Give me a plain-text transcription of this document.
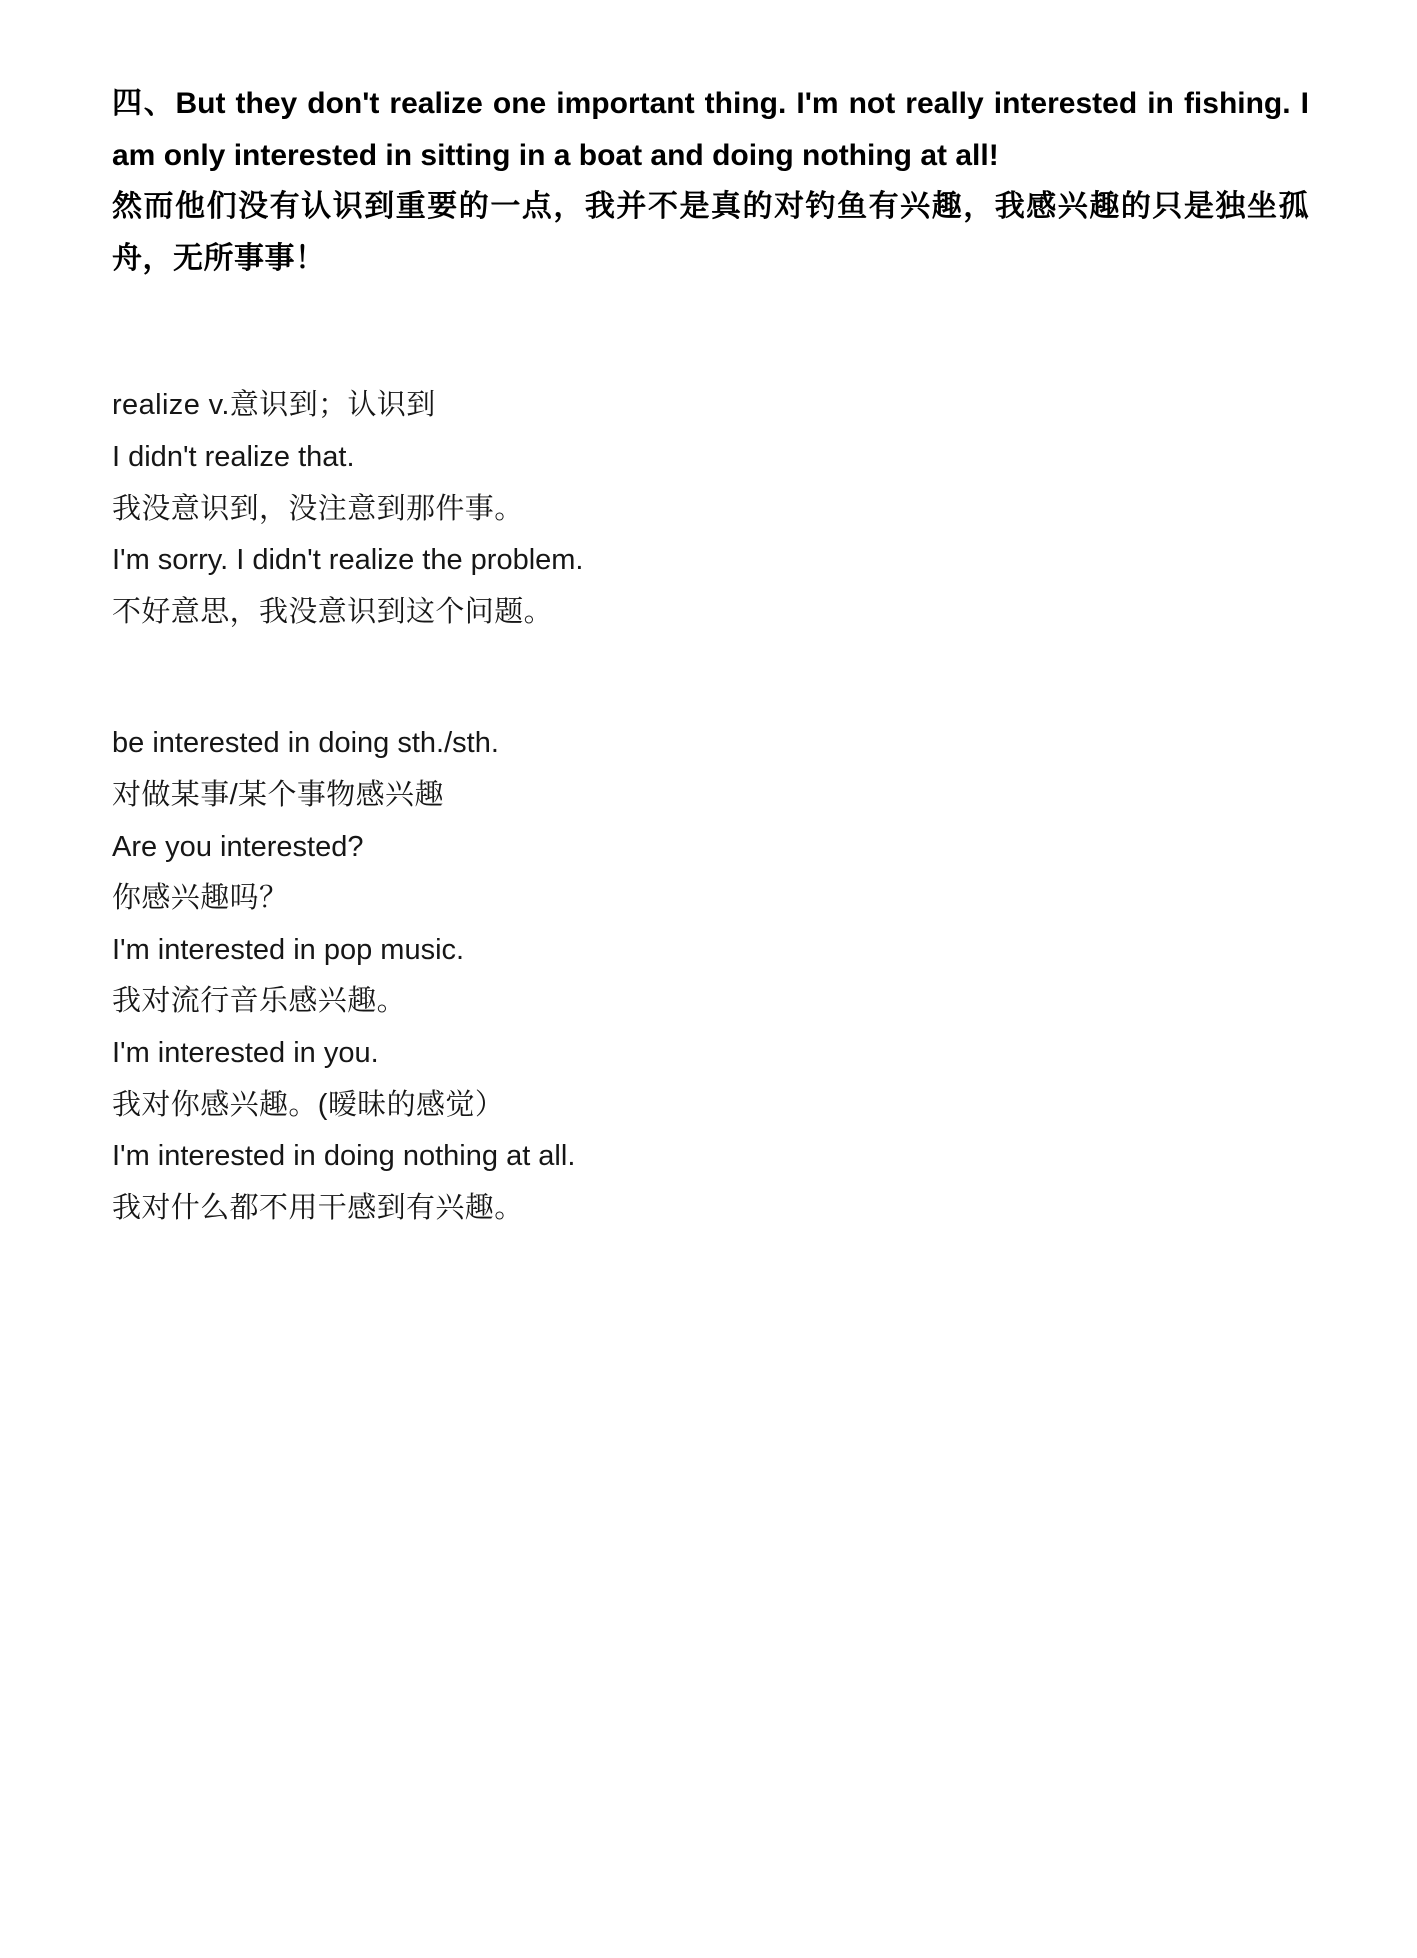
四、But they don't realize one important thing. I'm not really interested in fishing. I am only interested in sitting in a boat and doing nothing at all!
然而他们没有认识到重要的一点，我并不是真的对钓鱼有兴趣，我感兴趣的只是独坐孤舟，无所事事！
realize v.意识到；认识到
I didn't realize that.
我没意识到，没注意到那件事。
I'm sorry. I didn't realize the problem.
不好意思，我没意识到这个问题。
be interested in doing sth./sth.
对做某事/某个事物感兴趣
Are you interested?
你感兴趣吗？
I'm interested in pop music.
我对流行音乐感兴趣。
I'm interested in you.
我对你感兴趣。(暧昧的感觉）
I'm interested in doing nothing at all.
我对什么都不用干感到有兴趣。
